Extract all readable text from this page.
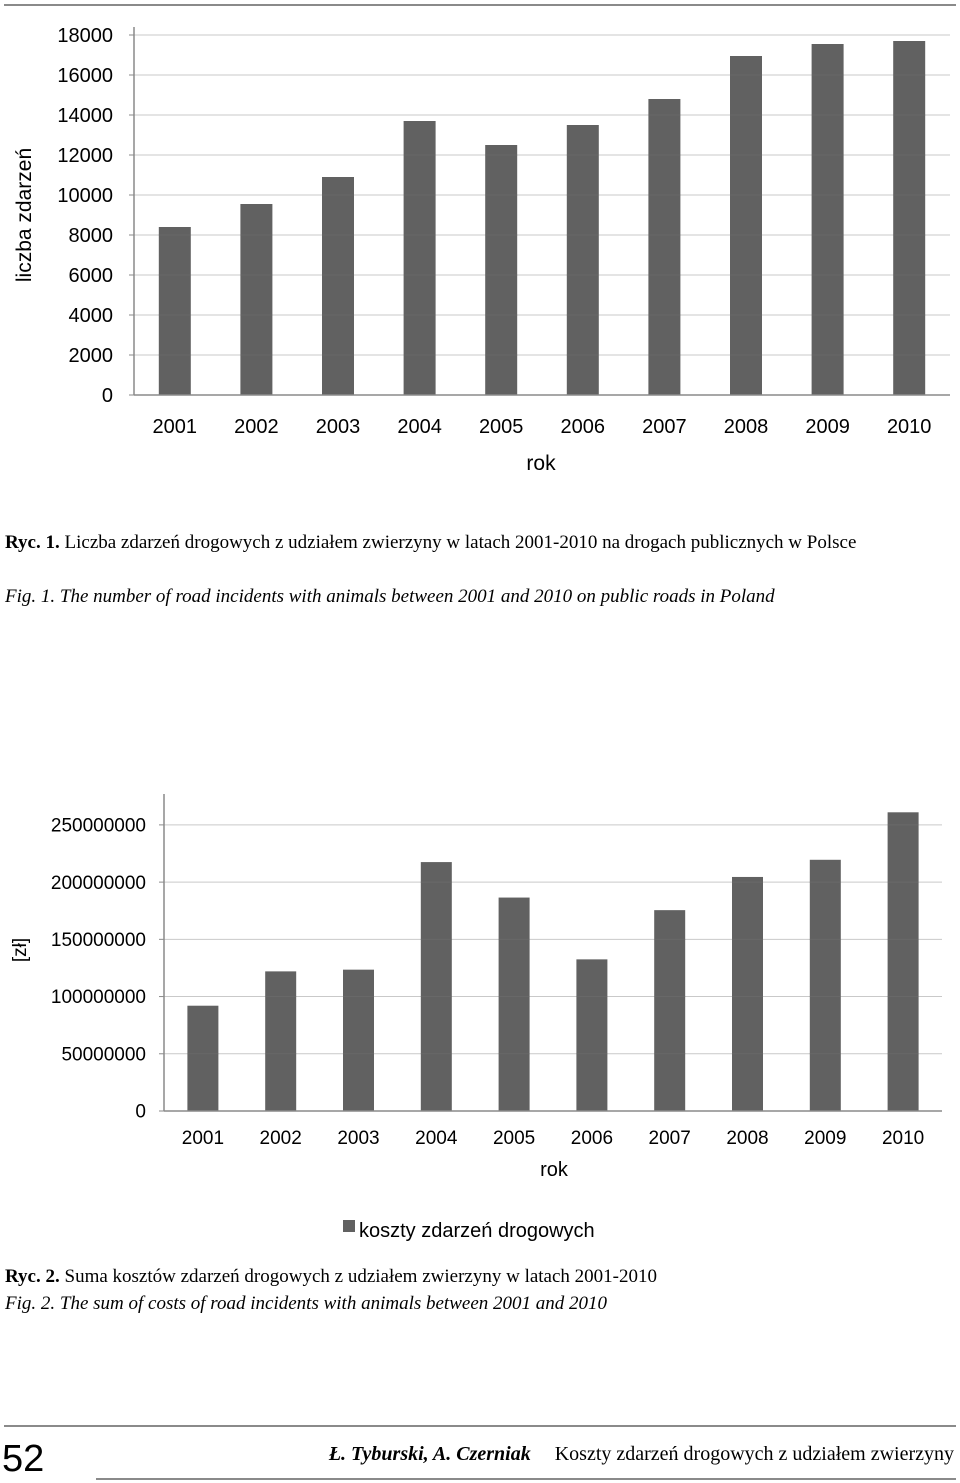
0
2000
4000
6000
8000
10000
12000
14000
16000
18000
2001 2002 2003 2004 2005 2006 2007 2008 2009 2010
rok
liczba zdarzeń
Ryc. 1. Liczba zdarzeń drogowych z udziałem zwierzyny w latach 2001-2010 na drogach publicznych w Polsce
Fig. 1. The number of road incidents with animals between 2001 and 2010 on public roads in Poland
0
50000000
100000000
150000000
200000000
250000000
2001 2002 2003 2004 2005 2006 2007 2008 2009 2010
rok
[zł]
koszty zdarzeń drogowych
Ryc. 2. Suma kosztów zdarzeń drogowych z udziałem zwierzyny w latach 2001-2010
Fig. 2. The sum of costs of road incidents with animals between 2001 and 2010
52	Ł. Tyburski, A. Czerniak Koszty zdarzeń drogowych z udziałem zwierzyny
